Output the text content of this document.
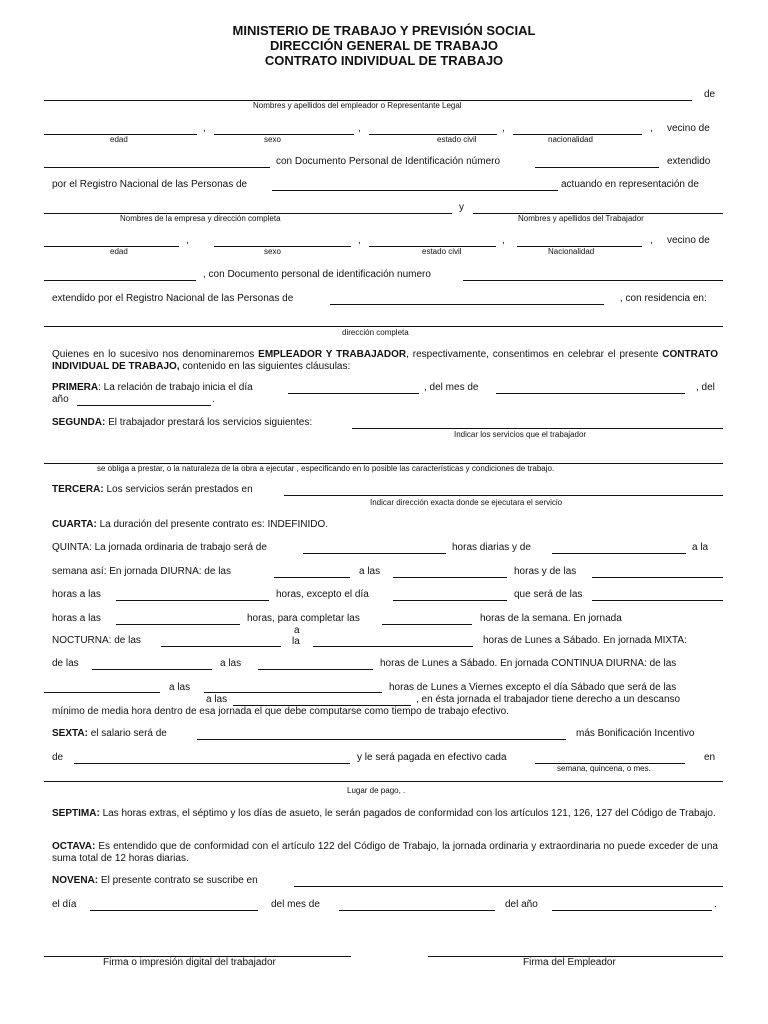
MINISTERIO DE TRABAJO Y PREVISIÓN SOCIAL
DIRECCIÓN GENERAL DE TRABAJO
CONTRATO INDIVIDUAL DE TRABAJO
de
Nombres y apellidos del empleador o Representante Legal
,	,	,	, vecino de
edad	sexo	estado civil	nacionalidad
con Documento Personal de Identificación número	extendido
por el Registro Nacional de las Personas de	actuando en representación de
y
Nombres de la empresa y dirección completa	Nombres y apellidos del Trabajador
,	,	,	, vecino de
edad	sexo	estado civil	Nacionalidad
, con Documento personal de identificación numero
extendido por el Registro Nacional de las Personas de	, con residencia en:
dirección completa
Quienes en lo sucesivo nos denominaremos EMPLEADOR Y TRABAJADOR, respectivamente, consentimos en celebrar el presente CONTRATO INDIVIDUAL DE TRABAJO, contenido en las siguientes cláusulas:
PRIMERA: La relación de trabajo inicia el día	, del mes de	, del
año	.
SEGUNDA: El trabajador prestará los servicios siguientes:
Indicar los servicios que el trabajador
se obliga a prestar, o la naturaleza de la obra a ejecutar , especificando en lo posible las características y condiciones de trabajo.
TERCERA: Los servicios serán prestados en
Indicar dirección exacta donde se ejecutara el servicio
CUARTA: La duración del presente contrato es: INDEFINIDO.
QUINTA: La jornada ordinaria de trabajo será de	horas diarias y de	a la
semana así: En jornada DIURNA: de las	a las	horas y de las
horas a las	horas, excepto el día	que será de las
horas a las	horas, para completar las	horas de la semana. En jornada
NOCTURNA: de las
a
la	horas de Lunes a Sábado. En jornada MIXTA:
de las	a las	horas de Lunes a Sábado. En jornada CONTINUA DIURNA: de las
a las	horas de Lunes a Viernes excepto el día Sábado que será de las
a las	, en ésta jornada el trabajador tiene derecho a un descanso
mínimo de media hora dentro de esa jornada el que debe computarse como tiempo de trabajo efectivo.
SEXTA: el salario será de	más Bonificación Incentivo
de	y le será pagada en efectivo cada	en
semana, quincena, o mes.
Lugar de pago, .
SEPTIMA: Las horas extras, el séptimo y los días de asueto, le serán pagados de conformidad con los artículos 121, 126, 127 del Código de Trabajo.
OCTAVA: Es entendido que de conformidad con el artículo 122 del Código de Trabajo, la jornada ordinaria y extraordinaria no puede exceder de una suma total de 12 horas diarias.
NOVENA: El presente contrato se suscribe en
el día	del mes de	del año	.
Firma o impresión digital del trabajador	Firma del Empleador
